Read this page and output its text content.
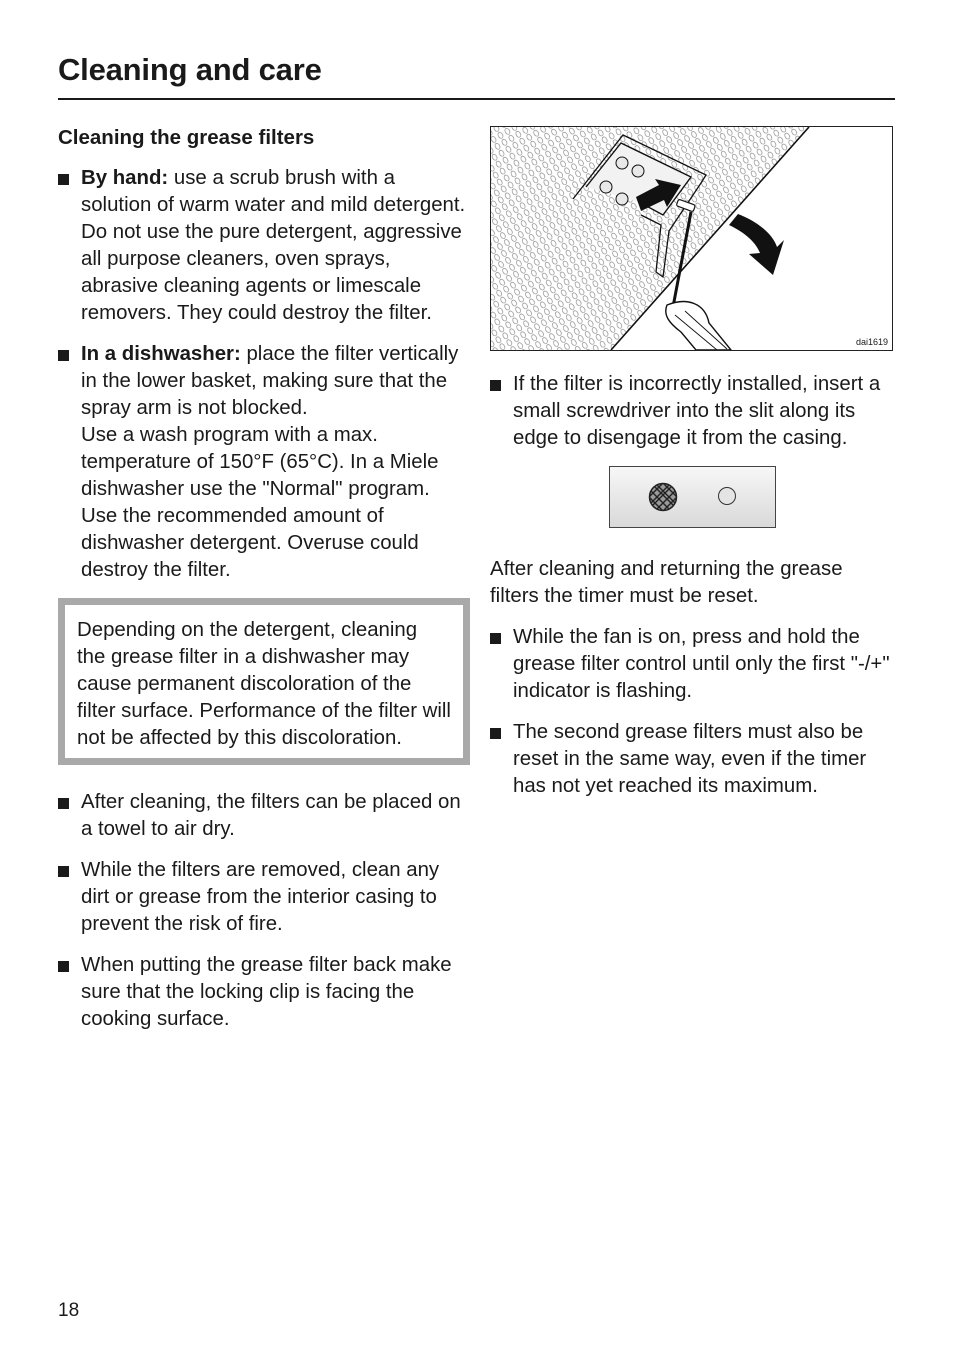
Cleaning and care
Cleaning the grease filters

By hand: use a scrub brush with a solution of warm water and mild detergent.

Do not use the pure detergent, aggressive all purpose cleaners, oven sprays, abrasive cleaning agents or limescale removers. They could destroy the filter.

In a dishwasher: place the filter vertically in the lower basket, making sure that the spray arm is not blocked.

Use a wash program with a max. temperature of 150°F (65°C). In a Miele dishwasher use the "Normal" program.

Use the recommended amount of dishwasher detergent. Overuse could destroy the filter.

Depending on the detergent, cleaning the grease filter in a dishwasher may cause permanent discoloration of the filter surface. Performance of the filter will not be affected by this discoloration.

After cleaning, the filters can be placed on a towel to air dry.

While the filters are removed, clean any dirt or grease from the interior casing to prevent the risk of fire.

When putting the grease filter back make sure that the locking clip is facing the cooking surface.

dai1619

If the filter is incorrectly installed, insert a small screwdriver into the slit along its edge to disengage it from the casing.

After cleaning and returning the grease filters the timer must be reset.

While the fan is on, press and hold the grease filter control until only the first "-/+" indicator is flashing.

The second grease filters must also be reset in the same way, even if the timer has not yet reached its maximum.

18
